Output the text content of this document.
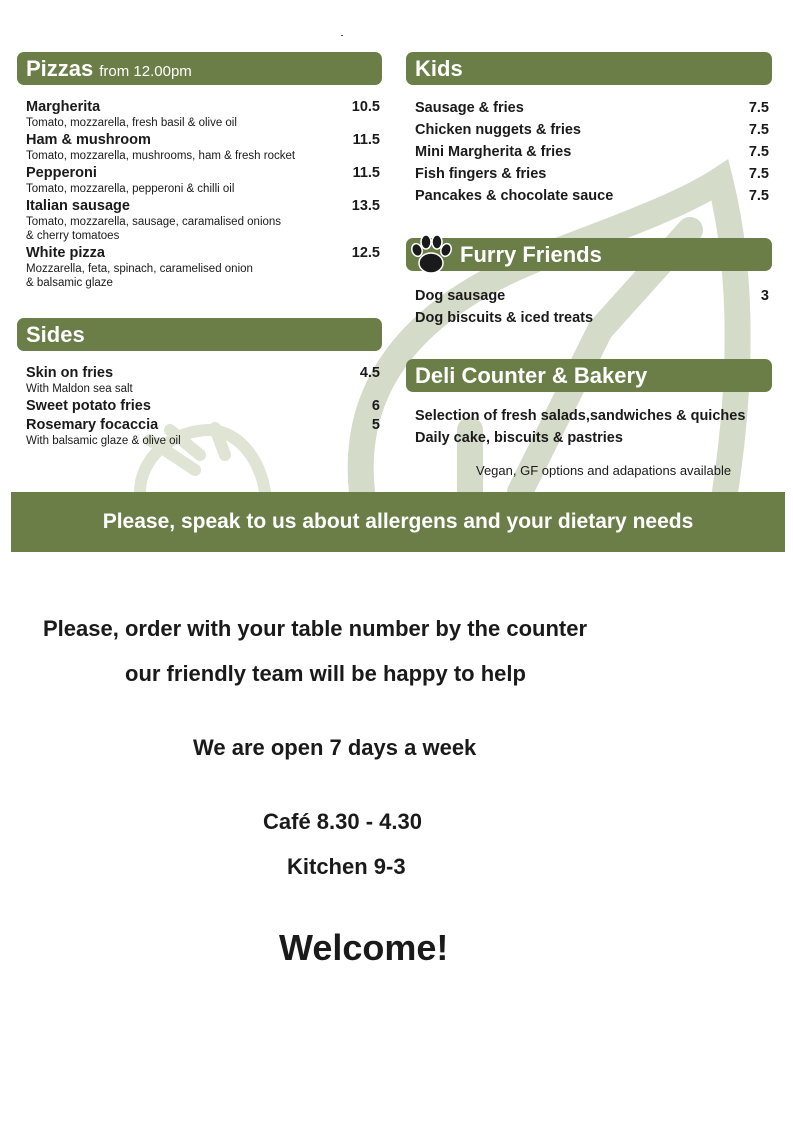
Pizzas from 12.00pm
Margherita	10.5
Tomato, mozzarella, fresh basil & olive oil
Ham & mushroom	11.5
Tomato, mozzarella, mushrooms, ham & fresh rocket
Pepperoni	11.5
Tomato, mozzarella, pepperoni & chilli oil
Italian sausage	13.5
Tomato, mozzarella, sausage, caramalised onions
& cherry tomatoes
White pizza	12.5
Mozzarella, feta, spinach, caramelised onion
& balsamic glaze
Sides
Skin on fries	4.5
With Maldon sea salt
Sweet potato fries	6
Rosemary focaccia	5
With balsamic glaze & olive oil
Kids
Sausage & fries	7.5
Chicken nuggets & fries	7.5
Mini Margherita & fries	7.5
Fish fingers & fries	7.5
Pancakes & chocolate sauce	7.5
Furry Friends
Dog sausage	3
Dog biscuits & iced treats
Deli Counter & Bakery
Selection of fresh salads,sandwiches & quiches
Daily cake, biscuits & pastries
Vegan, GF options and adapations available
Please, speak to us about allergens and your dietary needs
Please, order with your table number by the counter
our friendly team will be happy to help
We are open 7 days a week
Café 8.30 - 4.30
Kitchen 9-3
Welcome!
